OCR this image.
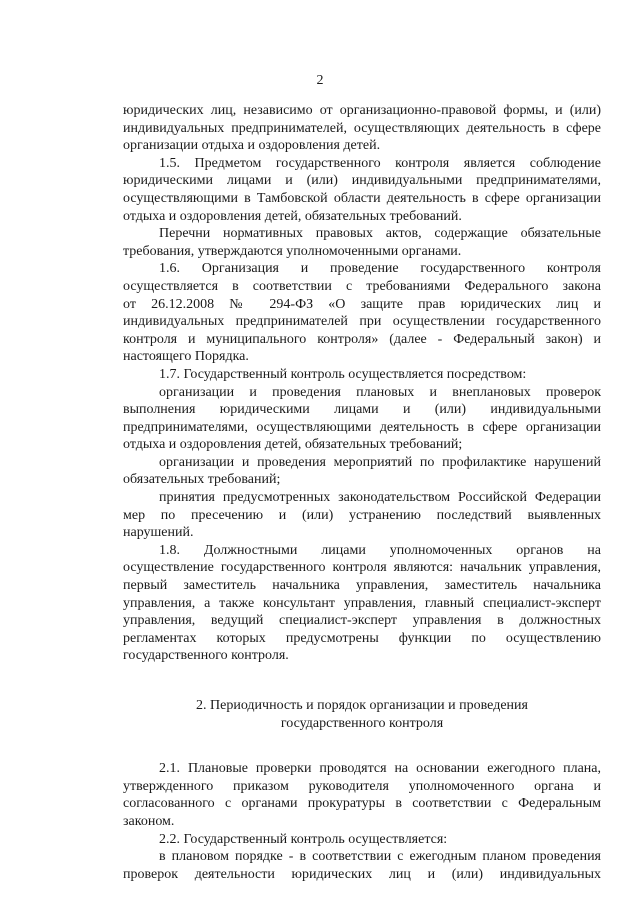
2

юридических лиц, независимо от организационно-правовой формы, и (или)

индивидуальных предпринимателей, осуществляющих деятельность в сфере

организации отдыха и оздоровления детей.

1.5. Предметом государственного контроля является соблюдение

юридическими лицами и (или) индивидуальными предпринимателями,

осуществляющими в Тамбовской области деятельность в сфере организации

отдыха и оздоровления детей, обязательных требований.

Перечни нормативных правовых актов, содержащие обязательные

требования, утверждаются уполномоченными органами.

1.6. Организация и проведение государственного контроля

осуществляется в соответствии с требованиями Федерального закона

от 26.12.2008 № 294-ФЗ «О защите прав юридических лиц и

индивидуальных предпринимателей при осуществлении государственного

контроля и муниципального контроля» (далее - Федеральный закон) и

настоящего Порядка.

1.7. Государственный контроль осуществляется посредством:

организации и проведения плановых и внеплановых проверок

выполнения юридическими лицами и (или) индивидуальными

предпринимателями, осуществляющими деятельность в сфере организации

отдыха и оздоровления детей, обязательных требований;

организации и проведения мероприятий по профилактике нарушений

обязательных требований;

принятия предусмотренных законодательством Российской Федерации

мер по пресечению и (или) устранению последствий выявленных

нарушений.

1.8. Должностными лицами уполномоченных органов на

осуществление государственного контроля являются: начальник управления,

первый заместитель начальника управления, заместитель начальника

управления, а также консультант управления, главный специалист-эксперт

управления, ведущий специалист-эксперт управления в должностных

регламентах которых предусмотрены функции по осуществлению

государственного контроля.

2. Периодичность и порядок организации и проведения
государственного контроля

2.1. Плановые проверки проводятся на основании ежегодного плана,

утвержденного приказом руководителя уполномоченного органа и

согласованного с органами прокуратуры в соответствии с Федеральным

законом.

2.2. Государственный контроль осуществляется:

в плановом порядке - в соответствии с ежегодным планом проведения

проверок деятельности юридических лиц и (или) индивидуальных
